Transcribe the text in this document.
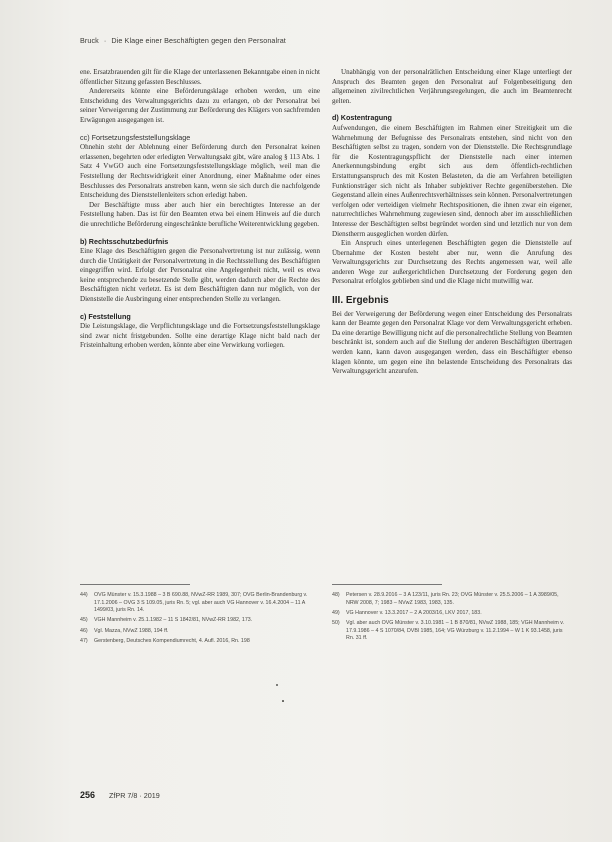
Bruck · Die Klage einer Beschäftigten gegen den Personalrat

ene. Ersatzbrauenden gilt für die Klage der unterlassenen Bekanntgabe einen in nicht öffentlicher Sitzung gefassten Beschlusses.

Andererseits könnte eine Beförderungsklage erhoben werden, um eine Entscheidung des Verwaltungsgerichts dazu zu erlangen, ob der Personalrat bei seiner Verweigerung der Zustimmung zur Beförderung des Klägers von sachfremden Erwägungen ausgegangen ist.

cc) Fortsetzungsfeststellungsklage

Ohnehin steht der Ablehnung einer Beförderung durch den Personalrat keinen erlassenen, begehrten oder erledigten Verwaltungsakt gibt, wäre analog § 113 Abs. 1 Satz 4 VwGO auch eine Fortsetzungsfeststellungsklage möglich, weil man die Feststellung der Rechtswidrigkeit einer Anordnung, einer Maßnahme oder eines Beschlusses des Personalrats anstreben kann, wenn sie sich durch die nachfolgende Entscheidung des Dienststellenleiters schon erledigt haben.

Der Beschäftigte muss aber auch hier ein berechtigtes Interesse an der Feststellung haben. Das ist für den Beamten etwa bei einem Hinweis auf die durch die unrechtliche Beförderung eingeschränkte berufliche Weiterentwicklung gegeben.

b) Rechtsschutzbedürfnis

Eine Klage des Beschäftigten gegen die Personalvertretung ist nur zulässig, wenn durch die Untätigkeit der Personalvertretung in die Rechtsstellung des Beschäftigten eingegriffen wird. Erfolgt der Personalrat eine Angelegenheit nicht, weil es etwa keine entsprechende zu besetzende Stelle gibt, werden dadurch aber die Rechte des Beschäftigten nicht verletzt. Es ist dem Beschäftigten dann nur möglich, von der Dienststelle die Ausbringung einer entsprechenden Stelle zu verlangen.

c) Feststellung

Die Leistungsklage, die Verpflichtungsklage und die Fortsetzungsfeststellungsklage sind zwar nicht fristgebunden. Sollte eine derartige Klage nicht bald nach der Fristeinhaltung erhoben werden, könnte aber eine Verwirkung vorliegen.

Unabhängig von der personalrätlichen Entscheidung einer Klage unterliegt der Anspruch des Beamten gegen den Personalrat auf Folgenbeseitigung den allgemeinen zivilrechtlichen Verjährungsregelungen, die auch im Beamtenrecht gelten.

d) Kostentragung

Aufwendungen, die einem Beschäftigten im Rahmen einer Streitigkeit um die Wahrnehmung der Befugnisse des Personalrats entstehen, sind nicht von den Beschäftigten selbst zu tragen, sondern von der Dienststelle. Die Rechtsgrundlage für die Kostentragungspflicht der Dienststelle nach einer internen Anerkennungsbindung ergibt sich aus dem öffentlich-rechtlichen Erstattungsanspruch des mit Kosten Belasteten, da die am Verfahren beteiligten Funktionsträger sich nicht als Inhaber subjektiver Rechte gegenüberstehen. Die Gegenstand allein eines Außenrechtsverhältnisses sein können. Personalvertretungen verfolgen oder verteidigen vielmehr Rechtspositionen, die ihnen zwar ein eigener, naturrechtliches Wahrnehmung zugewiesen sind, dennoch aber im ausschließlichen Interesse der Beschäftigten selbst begründet worden sind und letztlich nur von dem Dienstherrn ausgeglichen worden dürfen.

Ein Anspruch eines unterlegenen Beschäftigten gegen die Dienststelle auf Übernahme der Kosten besteht aber nur, wenn die Anrufung des Verwaltungsgerichts zur Durchsetzung des Rechts angemessen war, weil alle anderen Wege zur außergerichtlichen Durchsetzung der Forderung gegen den Personalrat erfolglos geblieben sind und die Klage nicht mutwillig war.

III. Ergebnis

Bei der Verweigerung der Beförderung wegen einer Entscheidung des Personalrats kann der Beamte gegen den Personalrat Klage vor dem Verwaltungsgericht erheben. Da eine derartige Bewilligung nicht auf die personalrechtliche Stellung von Beamten beschränkt ist, sondern auch auf die Stellung der anderen Beschäftigten übertragen werden kann, kann davon ausgegangen werden, dass ein Beschäftigter ebenso klagen könnte, um gegen eine ihn belastende Entscheidung des Personalrats das Verwaltungsgericht anzurufen.

44)	OVG Münster v. 15.3.1988 – 3 B 690.88, NVwZ-RR 1989, 307; OVG Berlin-Brandenburg v. 17.1.2006 – OVG 3 S 109.05, juris Rn. 5; vgl. aber auch VG Hannover v. 16.4.2004 – 11 A 1499/03, juris Rn. 14.
45)	VGH Mannheim v. 25.1.1982 – 11 S 1842/81, NVwZ-RR 1982, 173.
46)	Vgl. Mazza, NVwZ 1988, 194 ff.
47)	Gerstenberg, Deutsches Kompendiumrecht, 4. Aufl. 2016, Rn. 198
48)	Petersen v. 28.9.2016 – 3 A 123/11, juris Rn. 23; OVG Münster v. 25.5.2006 – 1 A 3989/05, NRW 2008, 7; 1983 – NVwZ 1983, 1983, 135.
49)	VG Hannover v. 13.3.2017 – 2 A 2003/16, LKV 2017, 183.
50)	Vgl. aber auch OVG Münster v. 3.10.1981 – 1 B 870/81, NVwZ 1988, 185; VGH Mannheim v. 17.9.1986 – 4 S 1070/84, DVBl 1985, 164; VG Würzburg v. 11.2.1994 – W 1 K 93.1458, juris Rn. 31 ff.
256 ZfPR 7/8 · 2019
